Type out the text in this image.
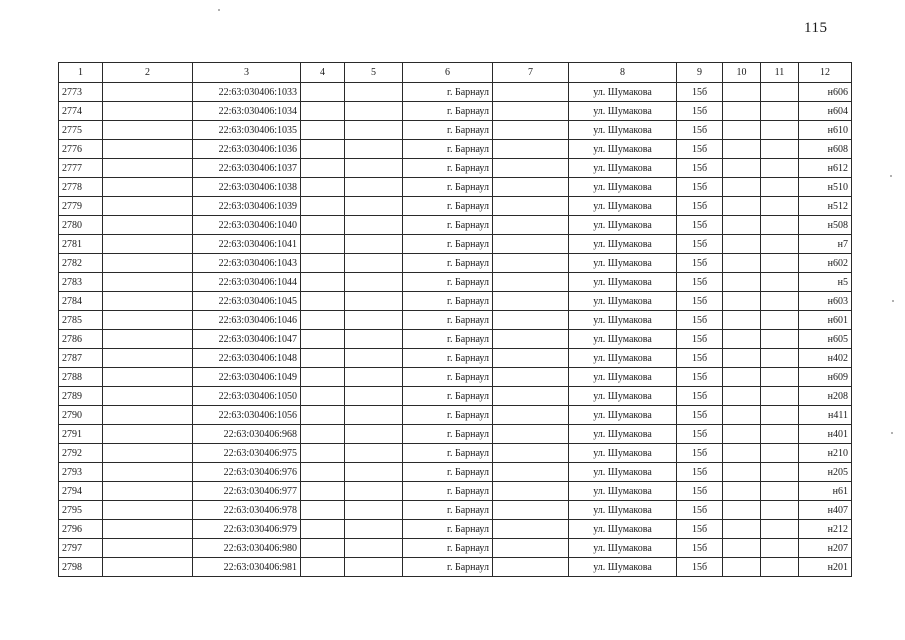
115
1	2	3	4	5	6	7	8	9	10	11	12
2773		22:63:030406:1033			г. Барнаул		ул. Шумакова	15б			н606
2774		22:63:030406:1034			г. Барнаул		ул. Шумакова	15б			н604
2775		22:63:030406:1035			г. Барнаул		ул. Шумакова	15б			н610
2776		22:63:030406:1036			г. Барнаул		ул. Шумакова	15б			н608
2777		22:63:030406:1037			г. Барнаул		ул. Шумакова	15б			н612
2778		22:63:030406:1038			г. Барнаул		ул. Шумакова	15б			н510
2779		22:63:030406:1039			г. Барнаул		ул. Шумакова	15б			н512
2780		22:63:030406:1040			г. Барнаул		ул. Шумакова	15б			н508
2781		22:63:030406:1041			г. Барнаул		ул. Шумакова	15б			н7
2782		22:63:030406:1043			г. Барнаул		ул. Шумакова	15б			н602
2783		22:63:030406:1044			г. Барнаул		ул. Шумакова	15б			н5
2784		22:63:030406:1045			г. Барнаул		ул. Шумакова	15б			н603
2785		22:63:030406:1046			г. Барнаул		ул. Шумакова	15б			н601
2786		22:63:030406:1047			г. Барнаул		ул. Шумакова	15б			н605
2787		22:63:030406:1048			г. Барнаул		ул. Шумакова	15б			н402
2788		22:63:030406:1049			г. Барнаул		ул. Шумакова	15б			н609
2789		22:63:030406:1050			г. Барнаул		ул. Шумакова	15б			н208
2790		22:63:030406:1056			г. Барнаул		ул. Шумакова	15б			н411
2791		22:63:030406:968			г. Барнаул		ул. Шумакова	15б			н401
2792		22:63:030406:975			г. Барнаул		ул. Шумакова	15б			н210
2793		22:63:030406:976			г. Барнаул		ул. Шумакова	15б			н205
2794		22:63:030406:977			г. Барнаул		ул. Шумакова	15б			н61
2795		22:63:030406:978			г. Барнаул		ул. Шумакова	15б			н407
2796		22:63:030406:979			г. Барнаул		ул. Шумакова	15б			н212
2797		22:63:030406:980			г. Барнаул		ул. Шумакова	15б			н207
2798		22:63:030406:981			г. Барнаул		ул. Шумакова	15б			н201
